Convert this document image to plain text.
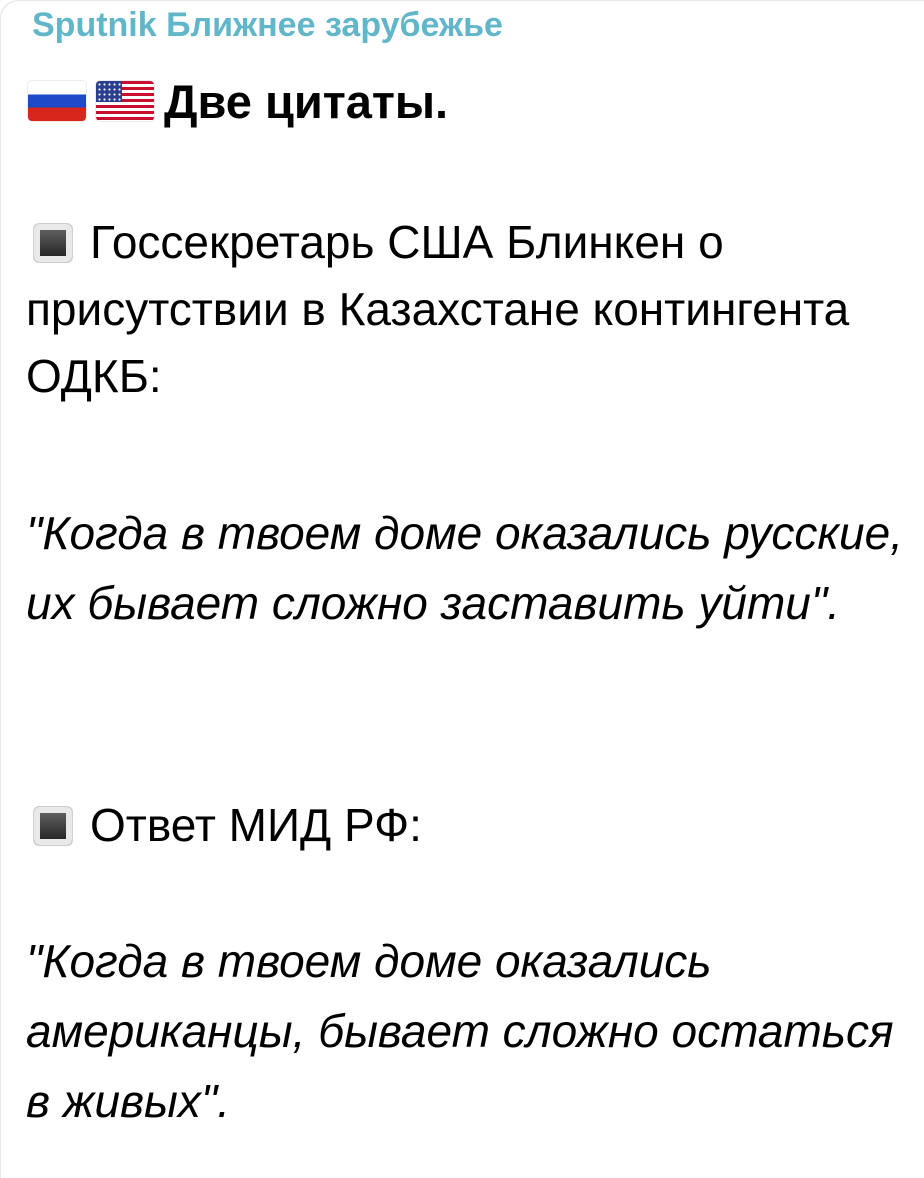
Sputnik Ближнее зарубежье
Две цитаты.
Госсекретарь США Блинкен о присутствии в Казахстане контингента ОДКБ:
"Когда в твоем доме оказались русские, их бывает сложно заставить уйти".
Ответ МИД РФ:
"Когда в твоем доме оказались американцы, бывает сложно остаться в живых".
